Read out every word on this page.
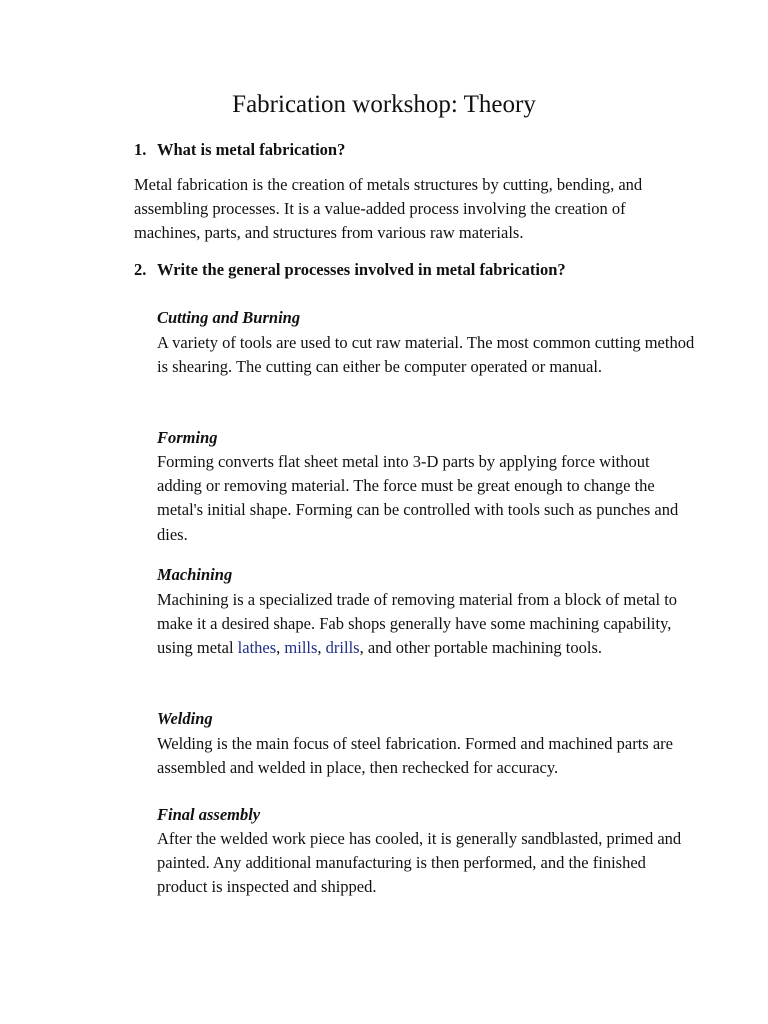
Fabrication workshop: Theory
1. What is metal fabrication?

Metal fabrication is the creation of metals structures by cutting, bending, and assembling processes. It is a value-added process involving the creation of machines, parts, and structures from various raw materials.

2. Write the general processes involved in metal fabrication?
Cutting and Burning

A variety of tools are used to cut raw material. The most common cutting method is shearing. The cutting can either be computer operated or manual.

Forming

Forming converts flat sheet metal into 3-D parts by applying force without adding or removing material. The force must be great enough to change the metal's initial shape. Forming can be controlled with tools such as punches and dies.

Machining

Machining is a specialized trade of removing material from a block of metal to make it a desired shape. Fab shops generally have some machining capability, using metal lathes, mills, drills, and other portable machining tools.

Welding

Welding is the main focus of steel fabrication. Formed and machined parts are assembled and welded in place, then rechecked for accuracy.

Final assembly

After the welded work piece has cooled, it is generally sandblasted, primed and painted. Any additional manufacturing is then performed, and the finished product is inspected and shipped.
